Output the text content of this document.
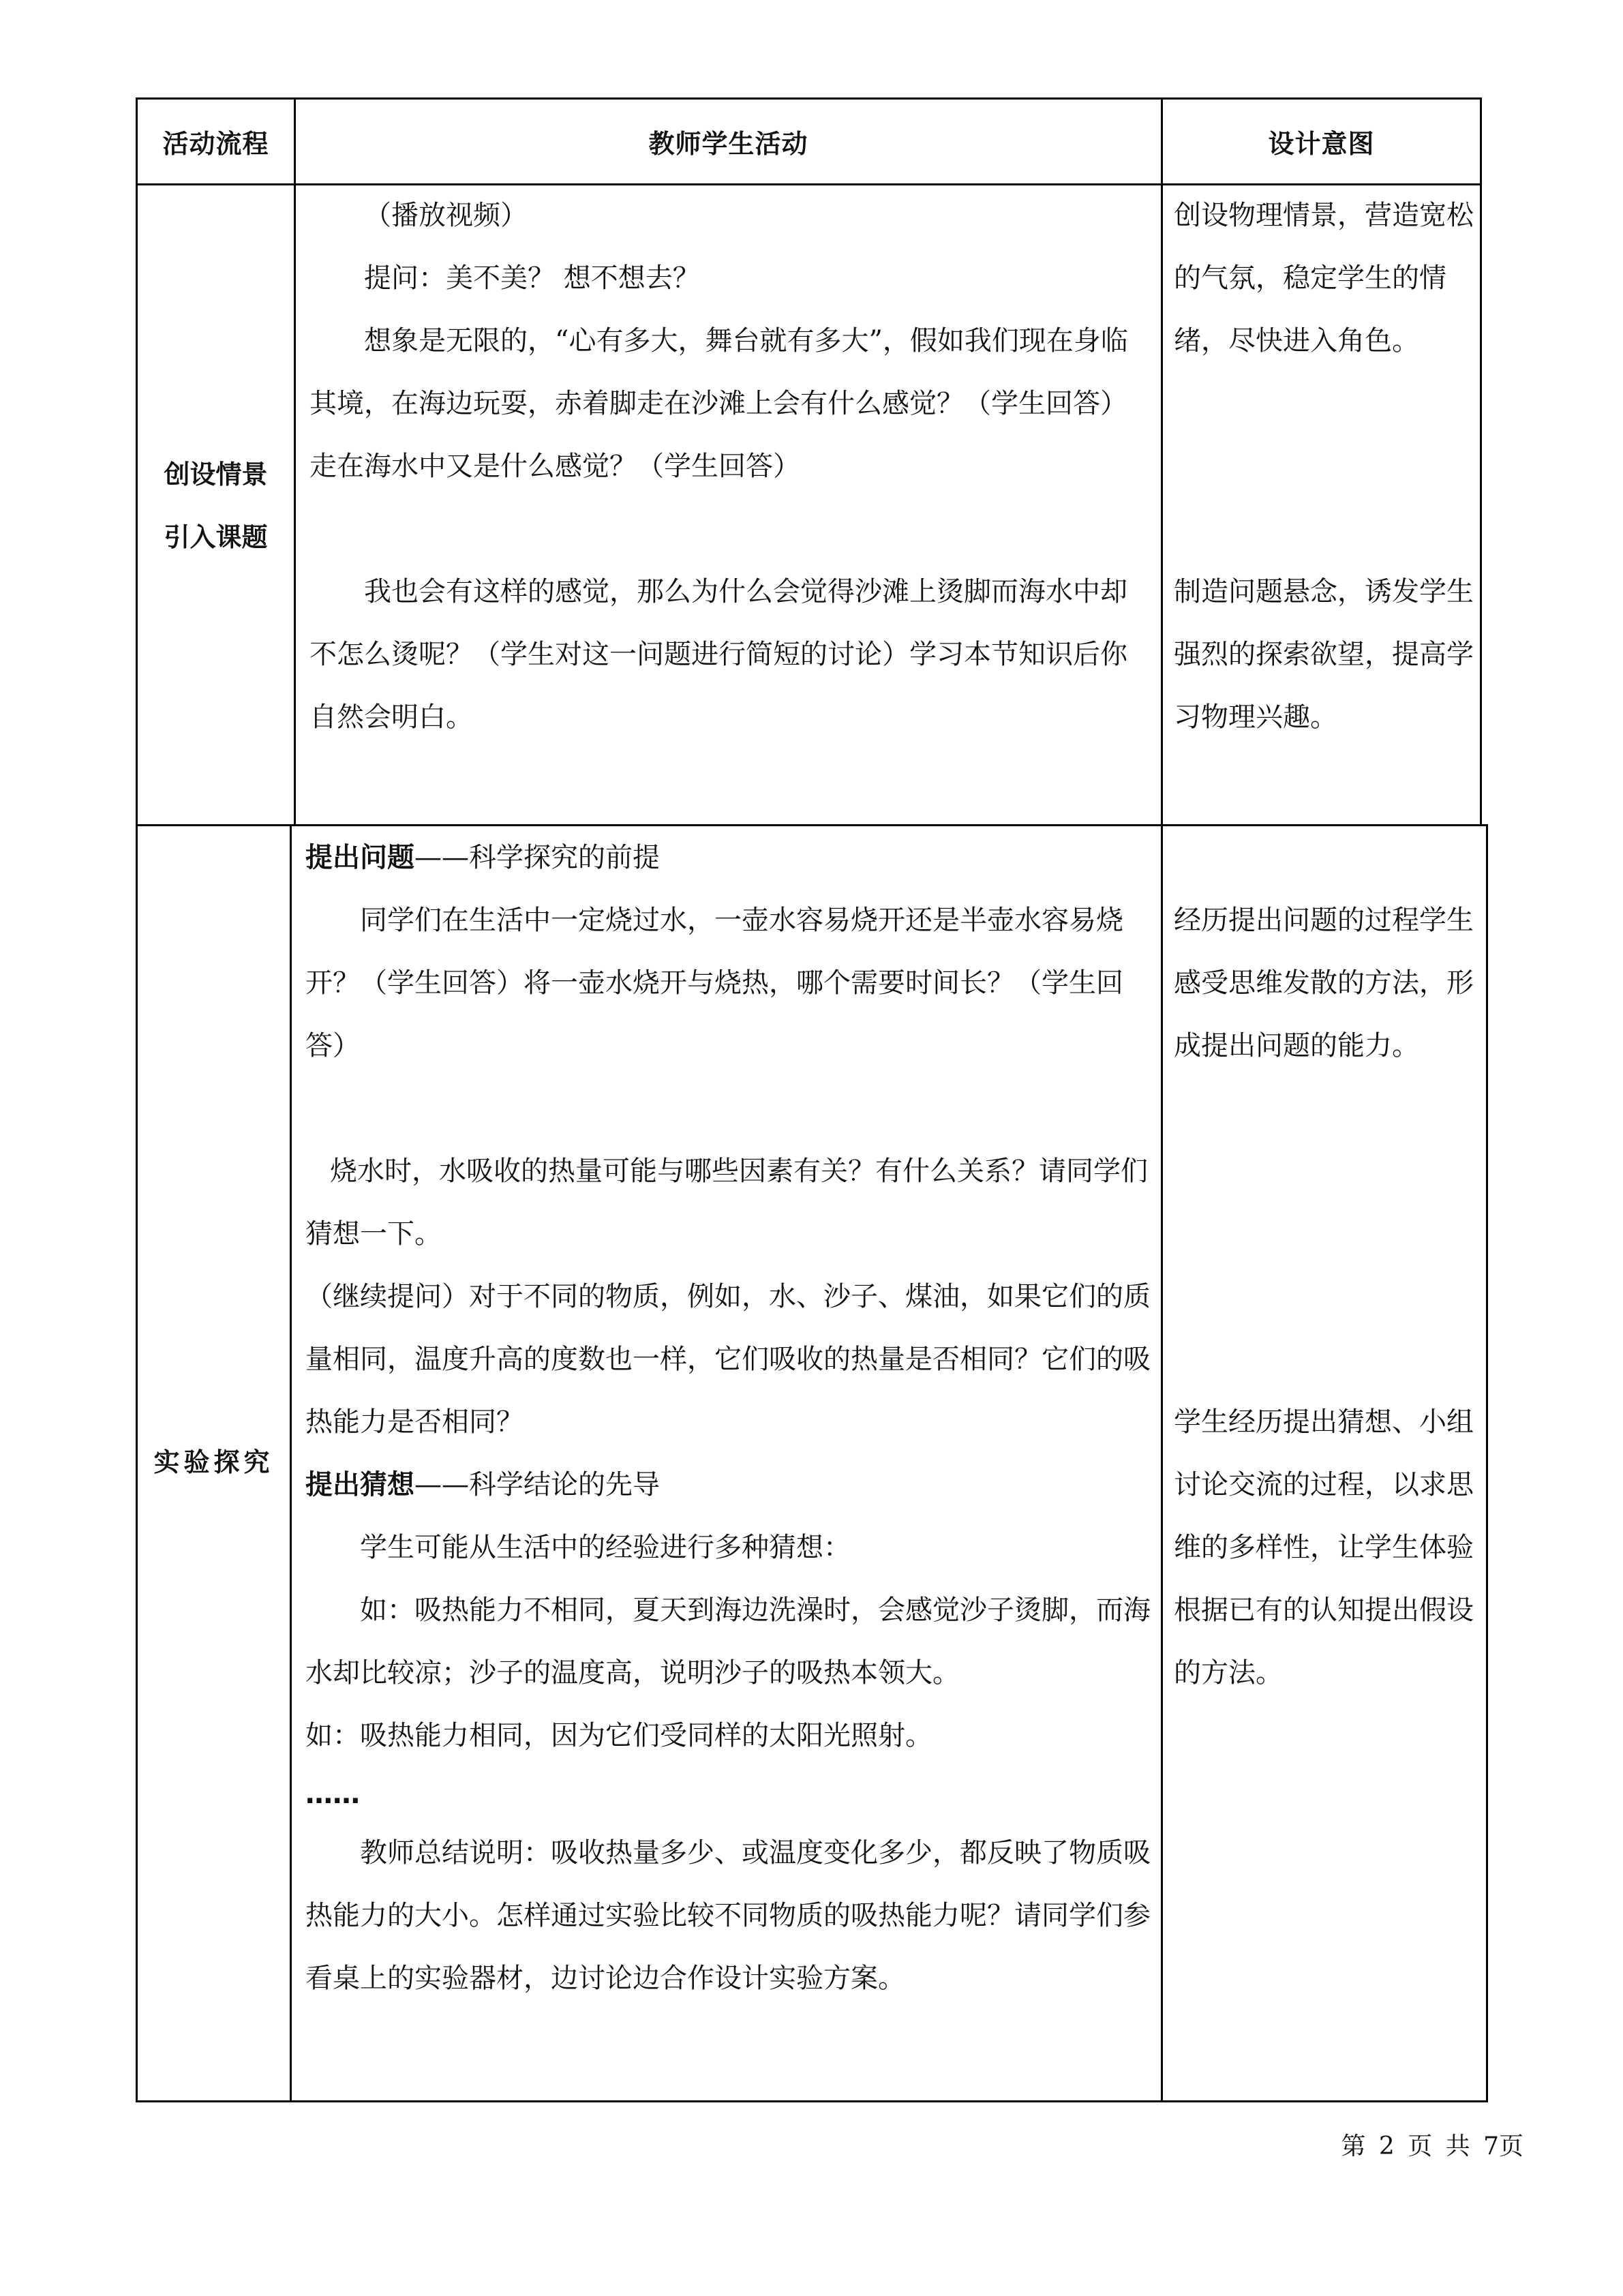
活动流程	教师学生活动	设计意图
创设情景
引入课题

（播放视频）

提问：美不美？ 想不想去？

想象是无限的，“心有多大，舞台就有多大”，假如我们现在身临其境，在海边玩耍，赤着脚走在沙滩上会有什么感觉？（学生回答）走在海水中又是什么感觉？（学生回答）

我也会有这样的感觉，那么为什么会觉得沙滩上烫脚而海水中却不怎么烫呢？（学生对这一问题进行简短的讨论）学习本节知识后你自然会明白。

创设物理情景，营造宽松的气氛，稳定学生的情绪，尽快进入角色。

制造问题悬念，诱发学生强烈的探索欲望，提高学习物理兴趣。

实验探究

提出问题——科学探究的前提

同学们在生活中一定烧过水，一壶水容易烧开还是半壶水容易烧开？（学生回答）将一壶水烧开与烧热，哪个需要时间长？（学生回答）

烧水时，水吸收的热量可能与哪些因素有关？有什么关系？请同学们猜想一下。

（继续提问）对于不同的物质，例如，水、沙子、煤油，如果它们的质量相同，温度升高的度数也一样，它们吸收的热量是否相同？它们的吸热能力是否相同？

提出猜想——科学结论的先导

学生可能从生活中的经验进行多种猜想：

如：吸热能力不相同，夏天到海边洗澡时，会感觉沙子烫脚，而海水却比较凉；沙子的温度高，说明沙子的吸热本领大。

如：吸热能力相同，因为它们受同样的太阳光照射。

……

教师总结说明：吸收热量多少、或温度变化多少，都反映了物质吸热能力的大小。怎样通过实验比较不同物质的吸热能力呢？请同学们参看桌上的实验器材，边讨论边合作设计实验方案。

经历提出问题的过程学生感受思维发散的方法，形成提出问题的能力。

学生经历提出猜想、小组讨论交流的过程，以求思维的多样性，让学生体验根据已有的认知提出假设的方法。

第 2 页 共 7页
